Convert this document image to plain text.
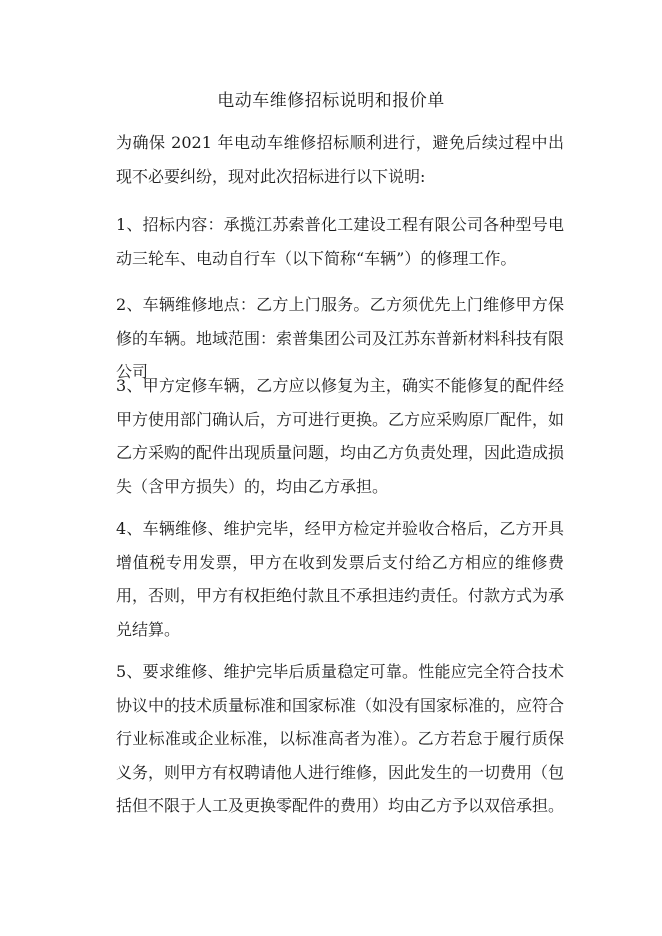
电动车维修招标说明和报价单

为确保 2021 年电动车维修招标顺利进行，避免后续过程中出现不必要纠纷，现对此次招标进行以下说明:

1、招标内容：承揽江苏索普化工建设工程有限公司各种型号电动三轮车、电动自行车（以下简称“车辆”）的修理工作。

2、车辆维修地点：乙方上门服务。乙方须优先上门维修甲方保修的车辆。地域范围：索普集团公司及江苏东普新材料科技有限公司

3、甲方定修车辆，乙方应以修复为主，确实不能修复的配件经甲方使用部门确认后，方可进行更换。乙方应采购原厂配件，如乙方采购的配件出现质量问题，均由乙方负责处理，因此造成损失（含甲方损失）的，均由乙方承担。

4、车辆维修、维护完毕，经甲方检定并验收合格后，乙方开具增值税专用发票，甲方在收到发票后支付给乙方相应的维修费用，否则，甲方有权拒绝付款且不承担违约责任。付款方式为承兑结算。

5、要求维修、维护完毕后质量稳定可靠。性能应完全符合技术协议中的技术质量标准和国家标准（如没有国家标准的，应符合行业标准或企业标准，以标准高者为准）。乙方若怠于履行质保义务，则甲方有权聘请他人进行维修，因此发生的一切费用（包括但不限于人工及更换零配件的费用）均由乙方予以双倍承担。
